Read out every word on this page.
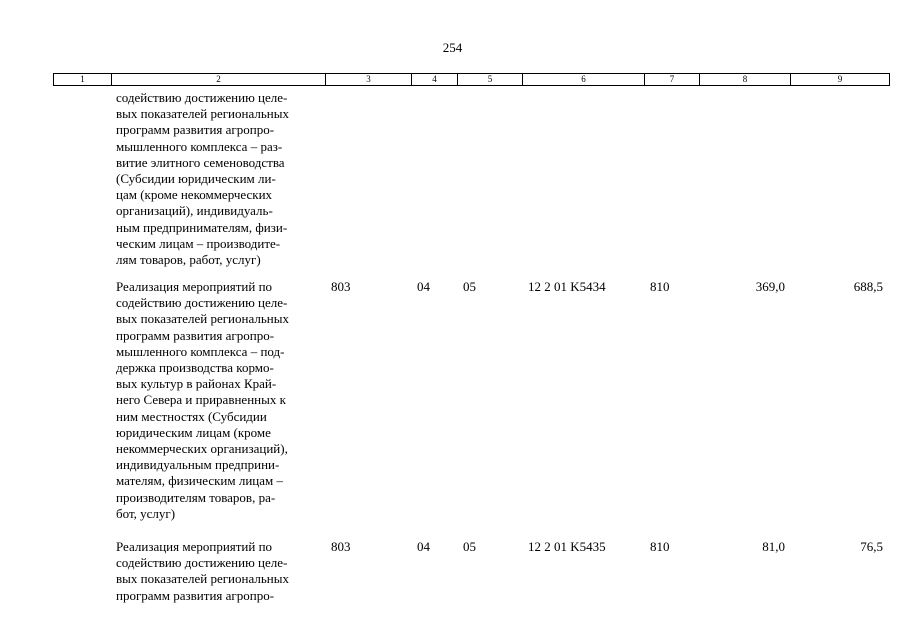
254
1	2	3	4	5	6	7	8	9
содействию достижению целе-
вых показателей региональных
программ развития агропро-
мышленного комплекса – раз-
витие элитного семеноводства
(Субсидии юридическим ли-
цам (кроме некоммерческих
организаций), индивидуаль-
ным предпринимателям, физи-
ческим лицам – производите-
лям товаров, работ, услуг)
Реализация мероприятий по
содействию достижению целе-
вых показателей региональных
программ развития агропро-
мышленного комплекса – под-
держка производства кормо-
вых культур в районах Край-
него Севера и приравненных к
ним местностях (Субсидии
юридическим лицам (кроме
некоммерческих организаций),
индивидуальным предприни-
мателям, физическим лицам –
производителям товаров, ра-
бот, услуг)
803	04	05	12 2 01 K5434	810	369,0	688,5
Реализация мероприятий по
содействию достижению целе-
вых показателей региональных
программ развития агропро-
803	04	05	12 2 01 K5435	810	81,0	76,5
